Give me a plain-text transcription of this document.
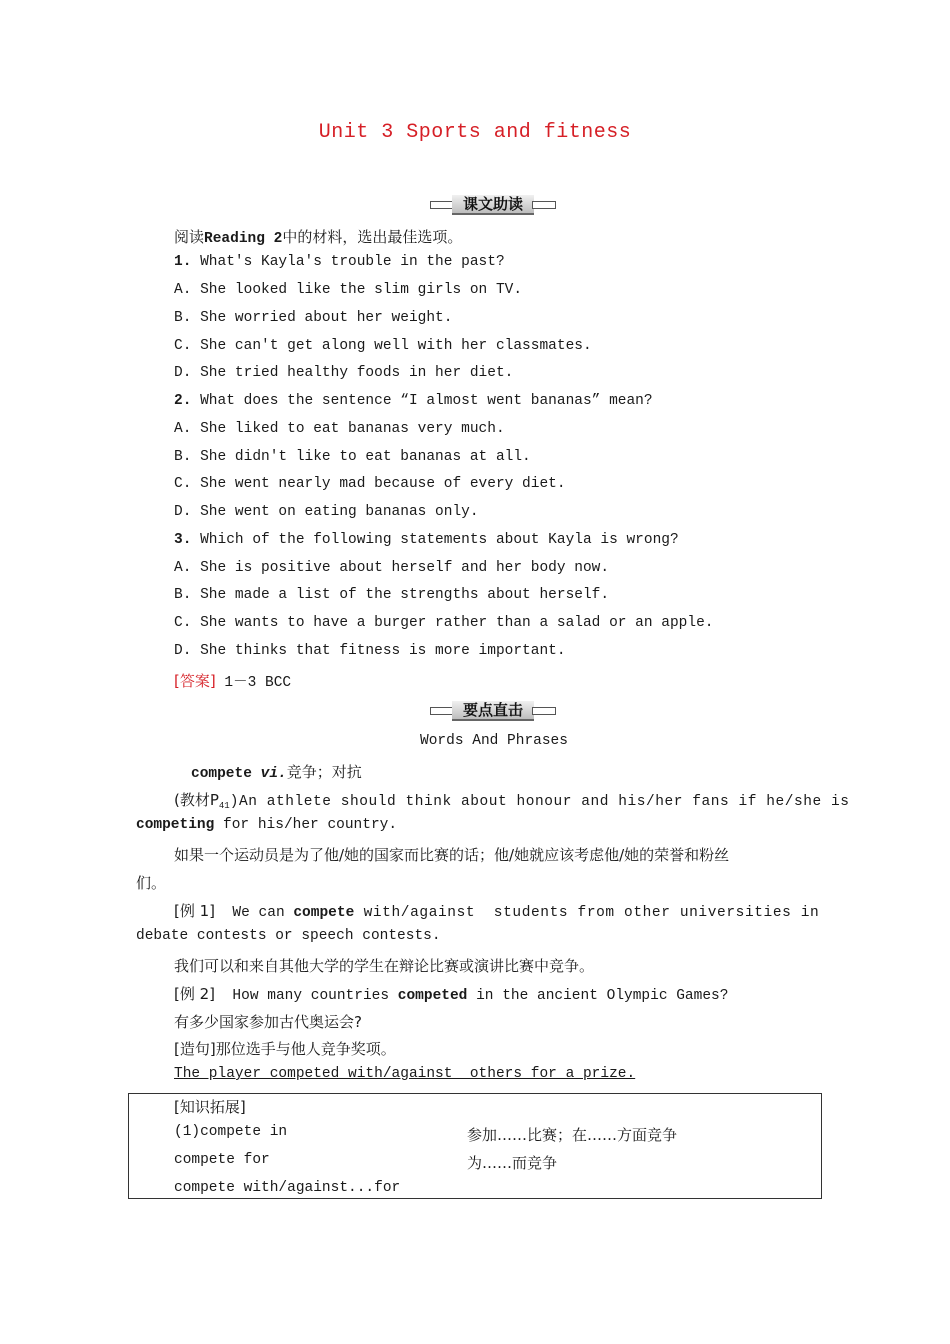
Unit 3 Sports and fitness
课文助读
阅读Reading 2中的材料，选出最佳选项。
1. What's Kayla's trouble in the past?
A. She looked like the slim girls on TV.
B. She worried about her weight.
C. She can't get along well with her classmates.
D. She tried healthy foods in her diet.
2. What does the sentence “I almost went bananas” mean?
A. She liked to eat bananas very much.
B. She didn't like to eat bananas at all.
C. She went nearly mad because of every diet.
D. She went on eating bananas only.
3. Which of the following statements about Kayla is wrong?
A. She is positive about herself and her body now.
B. She made a list of the strengths about herself.
C. She wants to have a burger rather than a salad or an apple.
D. She thinks that fitness is more important.
[答案] 1－3 BCC
要点直击
Words And Phrases
compete vi.竞争；对抗
(教材$P_{41})An$ athlete should think about honour and his/her fans if he/she is
competing for his/her country.
如果一个运动员是为了他/她的国家而比赛的话；他/她就应该考虑他/她的荣誉和粉丝
们。
[例 1]  We can compete with/against  students from other universities in
debate contests or speech contests.
我们可以和来自其他大学的学生在辩论比赛或演讲比赛中竞争。
[例 2]  How many countries competed in the ancient Olympic Games?
有多少国家参加古代奥运会?
[造句]那位选手与他人竞争奖项。
The player competed with/against  others for a prize.
[知识拓展]
(1)compete in	参加……比赛；在……方面竞争
compete for	为……而竞争
compete with/against...for
